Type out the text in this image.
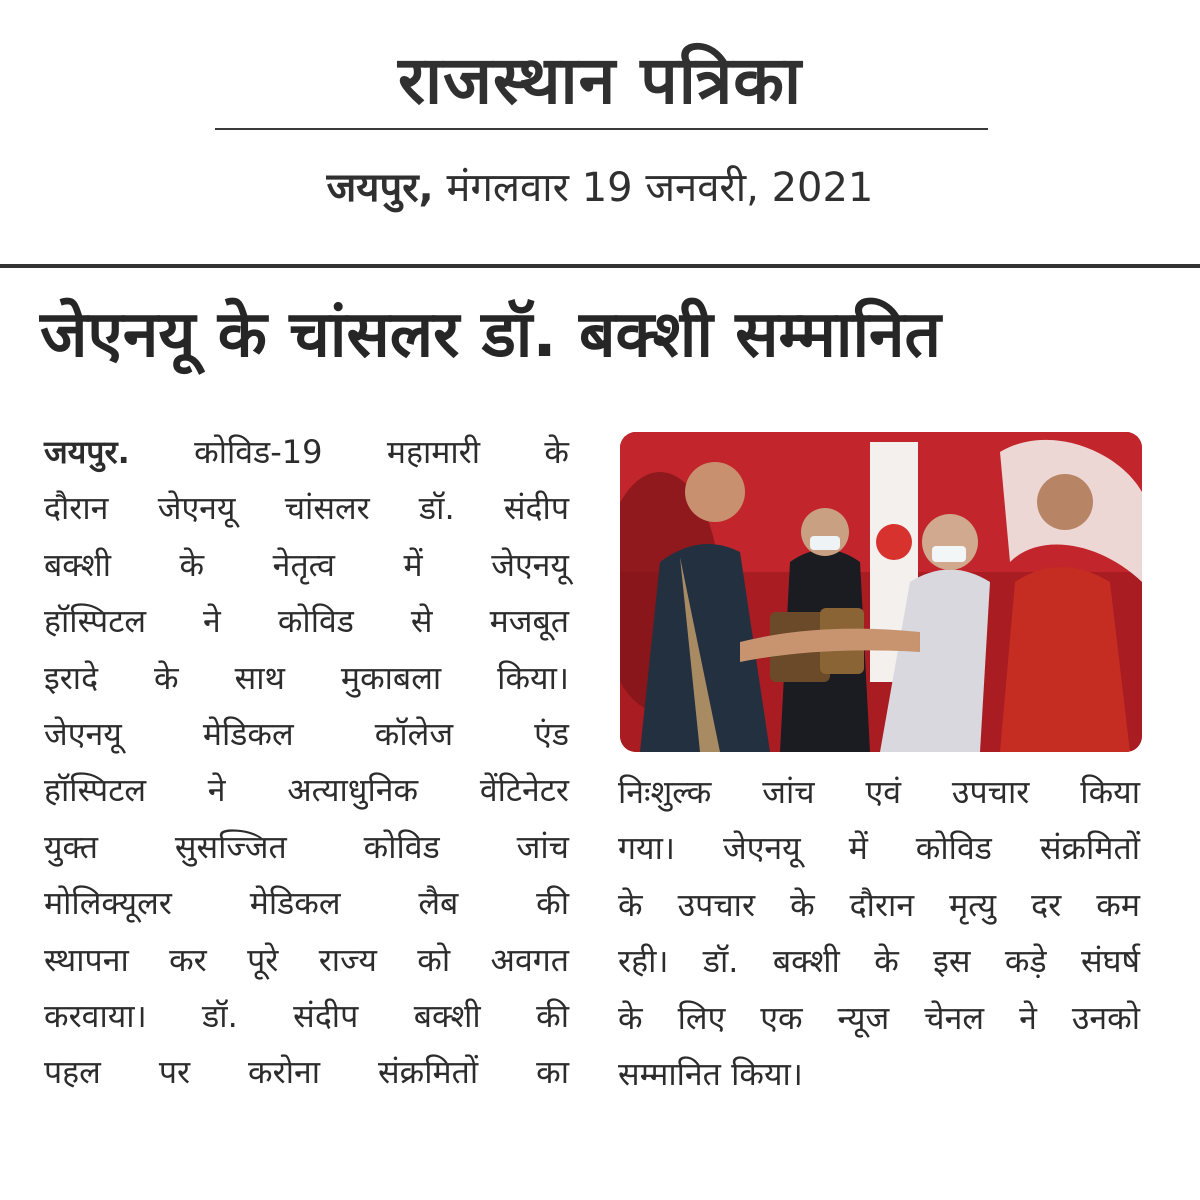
राजस्थान पत्रिका
जयपुर, मंगलवार 19 जनवरी, 2021
जेएनयू के चांसलर डॉ. बक्शी सम्मानित
जयपुर. कोविड-19 महामारी के
दौरान जेएनयू चांसलर डॉ. संदीप
बक्शी के नेतृत्व में जेएनयू
हॉस्पिटल ने कोविड से मजबूत
इरादे के साथ मुकाबला किया।
जेएनयू मेडिकल कॉलेज एंड
हॉस्पिटल ने अत्याधुनिक वेंटिनेटर
युक्त सुसज्जित कोविड जांच
मोलिक्यूलर मेडिकल लैब की
स्थापना कर पूरे राज्य को अवगत
करवाया। डॉ. संदीप बक्शी की
पहल पर करोना संक्रमितों का
निःशुल्क जांच एवं उपचार किया
गया। जेएनयू में कोविड संक्रमितों
के उपचार के दौरान मृत्यु दर कम
रही। डॉ. बक्शी के इस कड़े संघर्ष
के लिए एक न्यूज चेनल ने उनको
सम्मानित किया।
